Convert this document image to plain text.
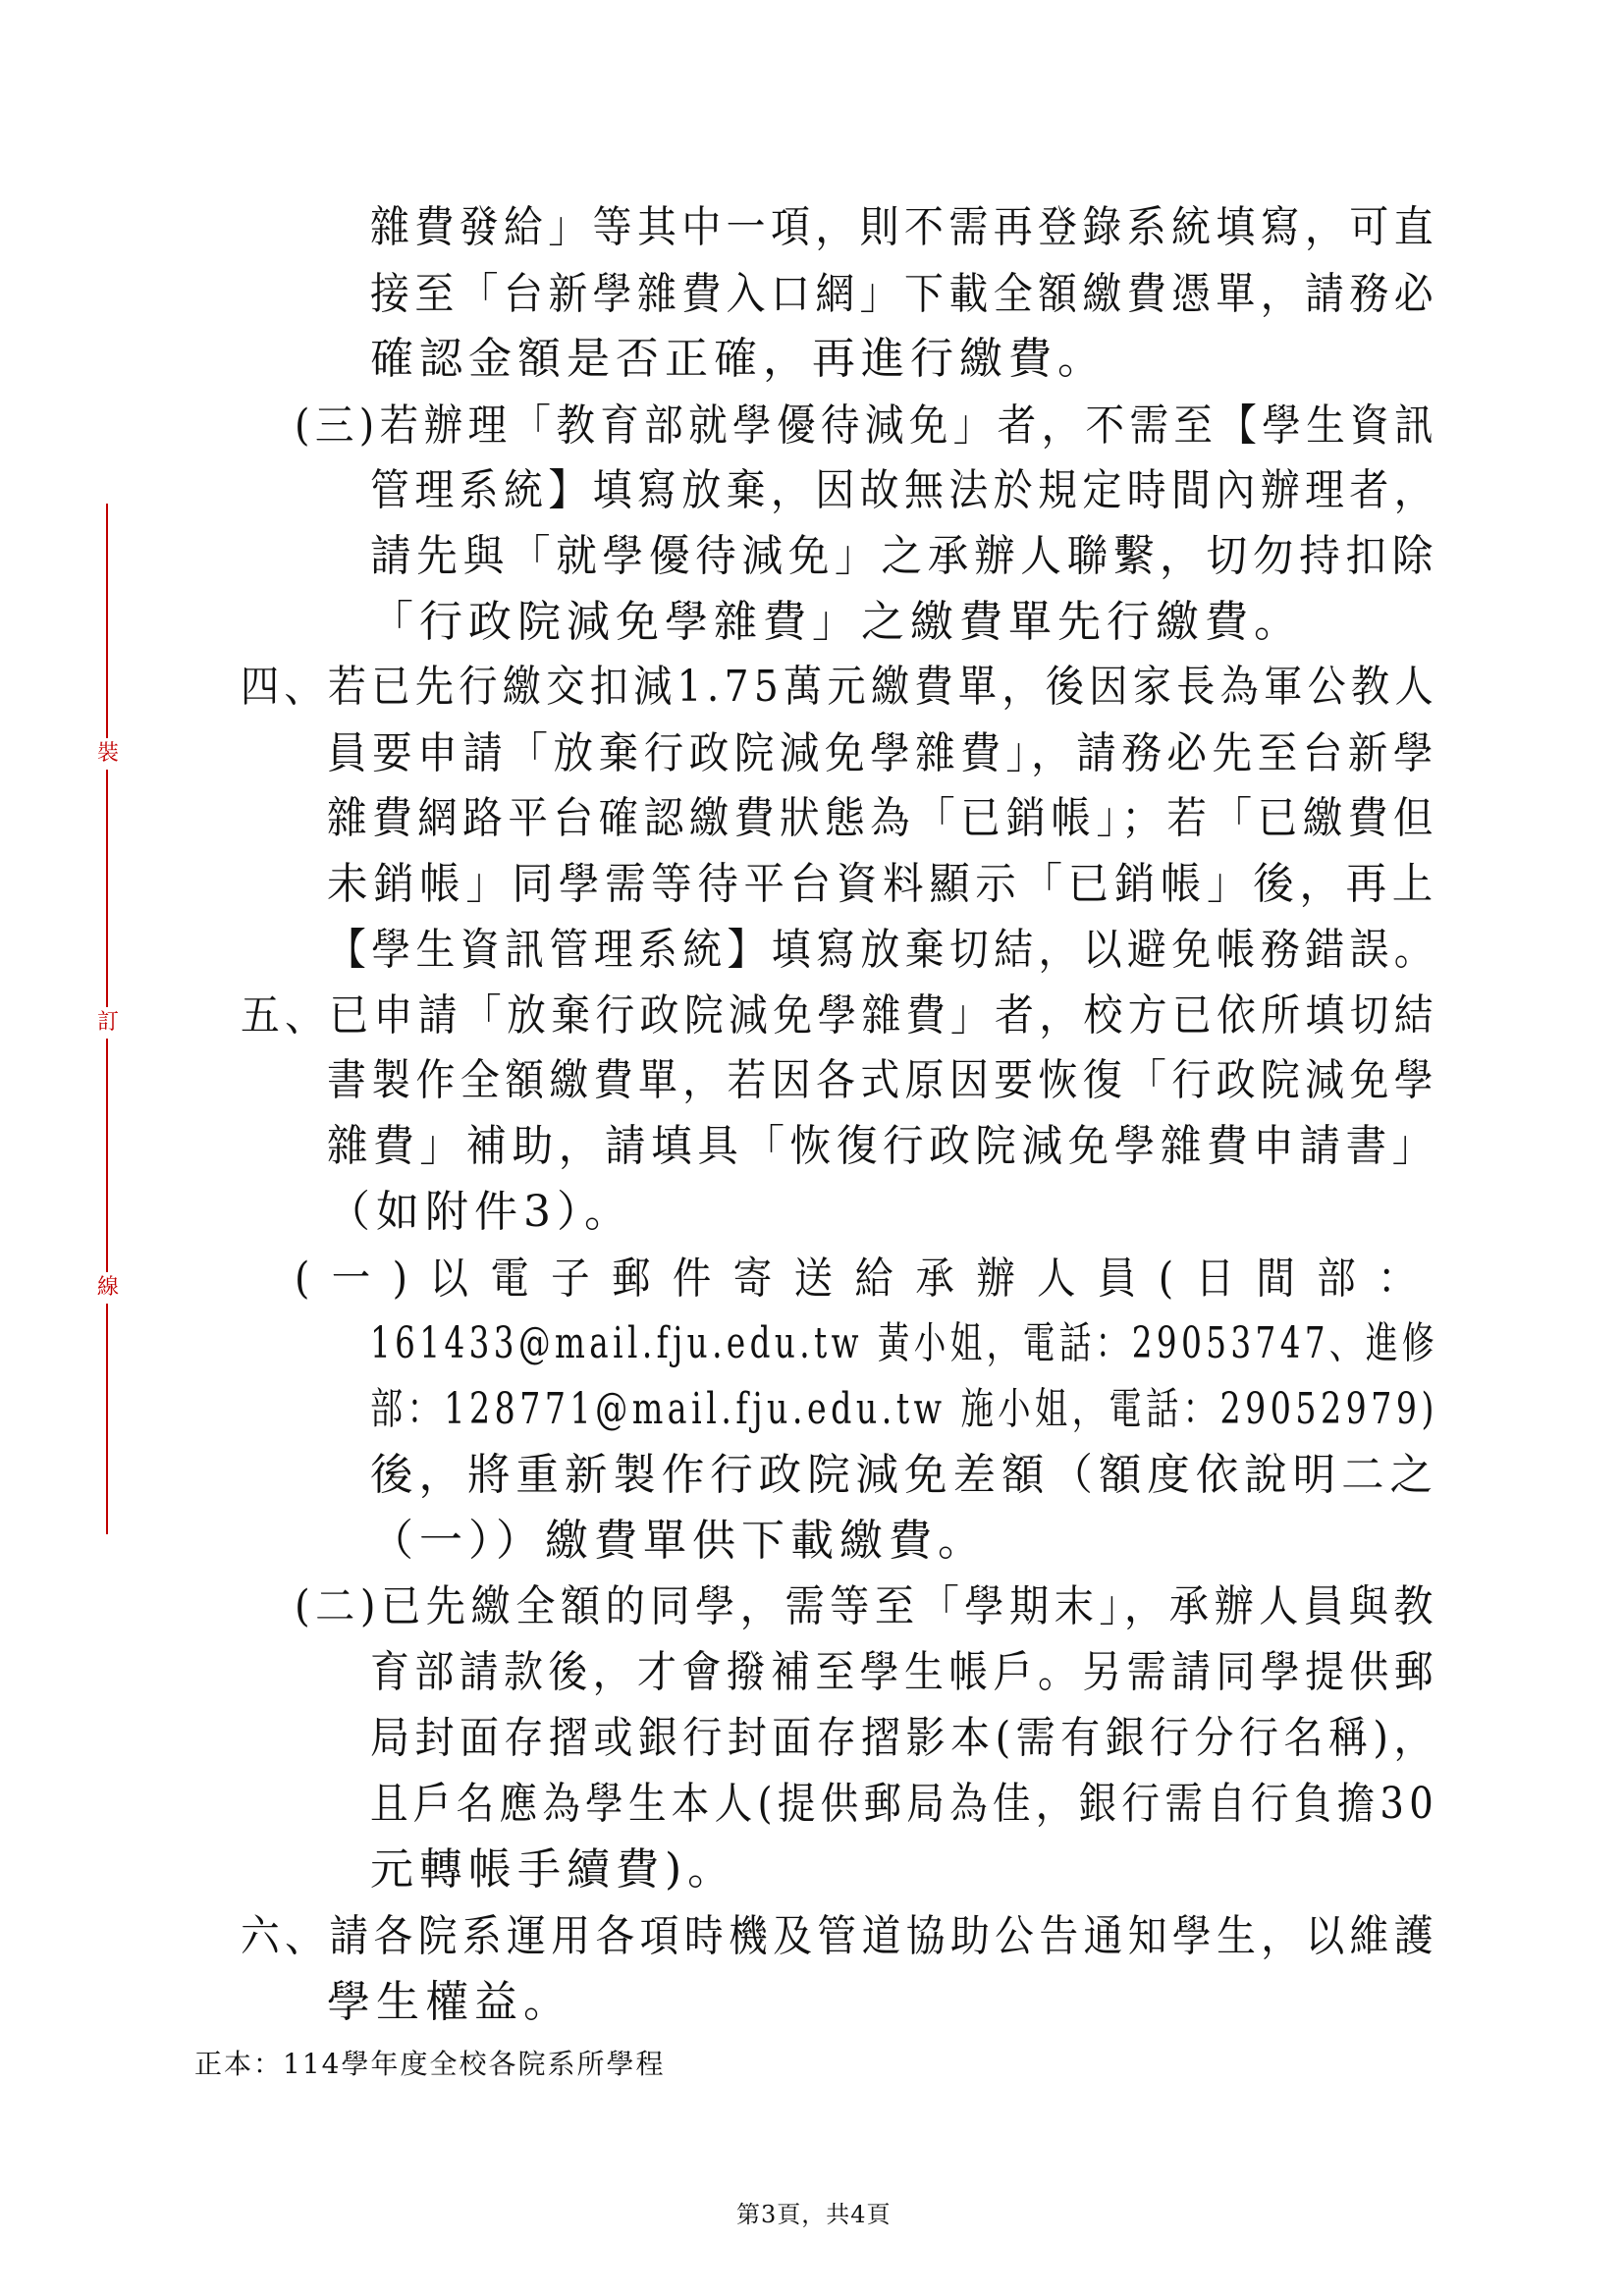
裝
訂
線
雜費發給」等其中一項，則不需再登錄系統填寫，可直
接至「台新學雜費入口網」下載全額繳費憑單，請務必
確認金額是否正確，再進行繳費。
(三)若辦理「教育部就學優待減免」者，不需至【學生資訊
管理系統】填寫放棄，因故無法於規定時間內辦理者，
請先與「就學優待減免」之承辦人聯繫，切勿持扣除
「行政院減免學雜費」之繳費單先行繳費。
四、若已先行繳交扣減1.75萬元繳費單，後因家長為軍公教人
員要申請「放棄行政院減免學雜費」，請務必先至台新學
雜費網路平台確認繳費狀態為「已銷帳」；若「已繳費但
未銷帳」同學需等待平台資料顯示「已銷帳」後，再上
【學生資訊管理系統】填寫放棄切結，以避免帳務錯誤。
五、已申請「放棄行政院減免學雜費」者，校方已依所填切結
書製作全額繳費單，若因各式原因要恢復「行政院減免學
雜費」補助，請填具「恢復行政院減免學雜費申請書」
（如附件3）。
(一)以電子郵件寄送給承辦人員(日間部：
161433@mail.fju.edu.tw 黃小姐，電話：29053747、進修
部：128771@mail.fju.edu.tw 施小姐，電話：29052979)
後，將重新製作行政院減免差額（額度依說明二之
（一））繳費單供下載繳費。
(二)已先繳全額的同學，需等至「學期末」，承辦人員與教
育部請款後，才會撥補至學生帳戶。另需請同學提供郵
局封面存摺或銀行封面存摺影本(需有銀行分行名稱)，
且戶名應為學生本人(提供郵局為佳，銀行需自行負擔30
元轉帳手續費)。
六、請各院系運用各項時機及管道協助公告通知學生，以維護
學生權益。
正本：114學年度全校各院系所學程
第3頁，共4頁
